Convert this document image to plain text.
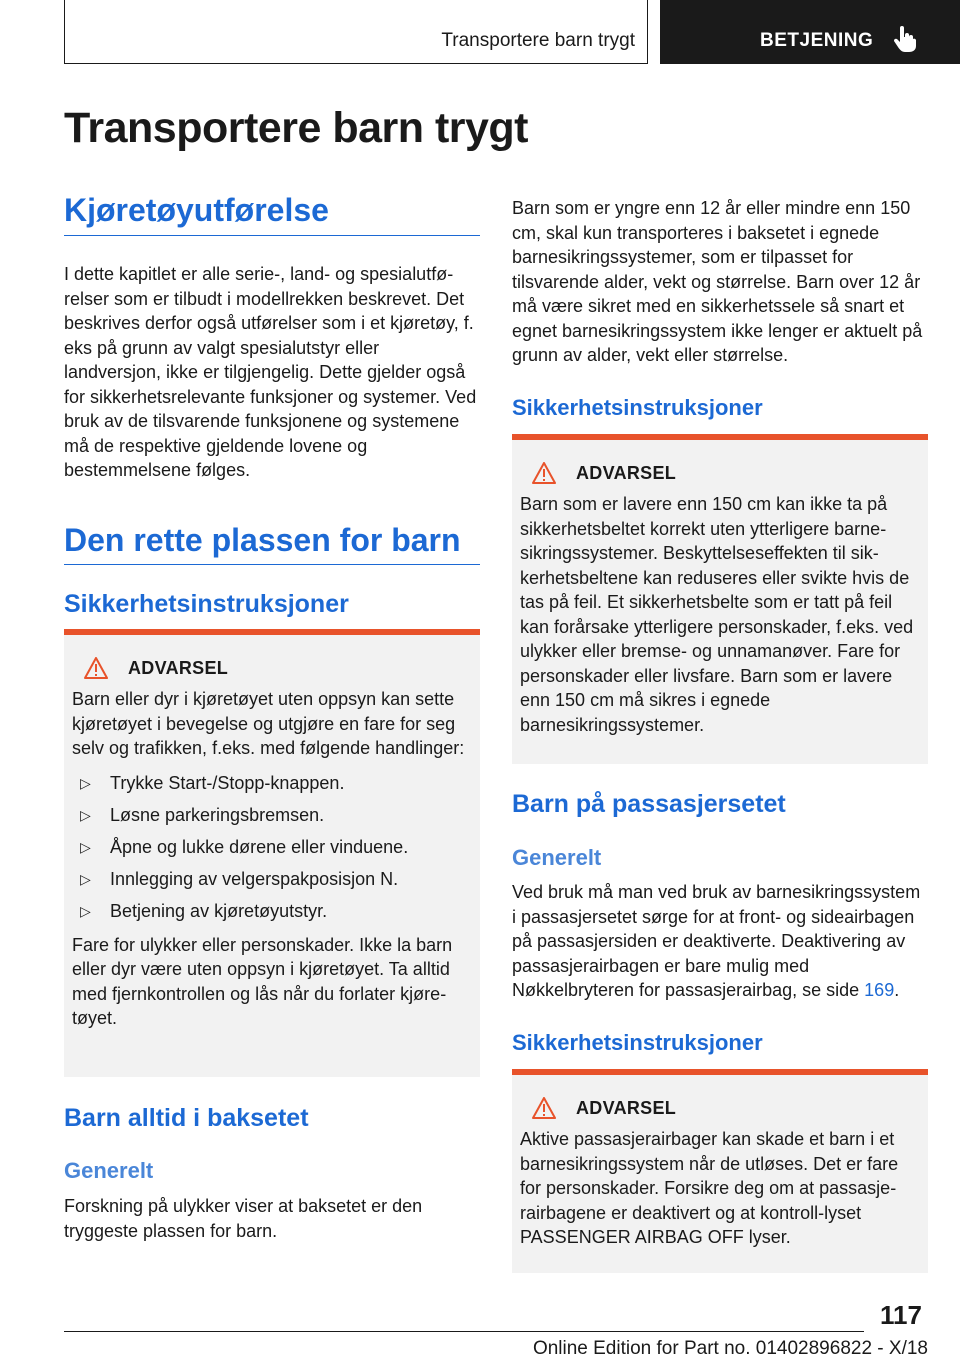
Transportere barn trygt	BETJENING
Transportere barn trygt
Kjøretøyutførelse

I dette kapitlet er alle serie-, land- og spesialutførelser som er tilbudt i modellrekken beskrevet. Det beskrives derfor også utførelser som i et kjøretøy, f. eks på grunn av valgt spesialutstyr eller landversjon, ikke er tilgjengelig. Dette gjelder også for sikkerhetsrelevante funksjoner og systemer. Ved bruk av de tilsvarende funksjonene og systemene må de respektive gjeldende lovene og bestemmelsene følges.

Den rette plassen for barn
Sikkerhetsinstruksjoner
ADVARSEL

Barn eller dyr i kjøretøyet uten oppsyn kan sette kjøretøyet i bevegelse og utgjøre en fare for seg selv og trafikken, f.eks. med følgende handlinger:

▷ Trykke Start-/Stopp-knappen.
▷ Løsne parkeringsbremsen.
▷ Åpne og lukke dørene eller vinduene.
▷ Innlegging av velgerspakposisjon N.
▷ Betjening av kjøretøyutstyr.

Fare for ulykker eller personskader. Ikke la barn eller dyr være uten oppsyn i kjøretøyet. Ta alltid med fjernkontrollen og lås når du forlater kjøretøyet.

Barn alltid i baksetet
Generelt

Forskning på ulykker viser at baksetet er den tryggeste plassen for barn.

Barn som er yngre enn 12 år eller mindre enn 150 cm, skal kun transporteres i baksetet i egnede barnesikringssystemer, som er tilpasset for tilsvarende alder, vekt og størrelse. Barn over 12 år må være sikret med en sikkerhetssele så snart et egnet barnesikringssystem ikke lenger er aktuelt på grunn av alder, vekt eller størrelse.

Sikkerhetsinstruksjoner
ADVARSEL

Barn som er lavere enn 150 cm kan ikke ta på sikkerhetsbeltet korrekt uten ytterligere barnesikringssystemer. Beskyttelseseffekten til sikkerhetsbeltene kan reduseres eller svikte hvis de tas på feil. Et sikkerhetsbelte som er tatt på feil kan forårsake ytterligere personskader, f.eks. ved ulykker eller bremse- og unnamanøver. Fare for personskader eller livsfare. Barn som er lavere enn 150 cm må sikres i egnede barnesikringssystemer.

Barn på passasjersetet
Generelt

Ved bruk må man ved bruk av barnesikringssystem i passasjersetet sørge for at front- og sideairbagen på passasjersiden er deaktiverte. Deaktivering av passasjerairbagen er bare mulig med Nøkkelbryteren for passasjerairbag, se side 169.

Sikkerhetsinstruksjoner
ADVARSEL

Aktive passasjerairbager kan skade et barn i et barnesikringssystem når de utløses. Det er fare for personskader. Forsikre deg om at passasjerairbagene er deaktivert og at kontroll-lyset PASSENGER AIRBAG OFF lyser.

117
Online Edition for Part no. 01402896822 - X/18
